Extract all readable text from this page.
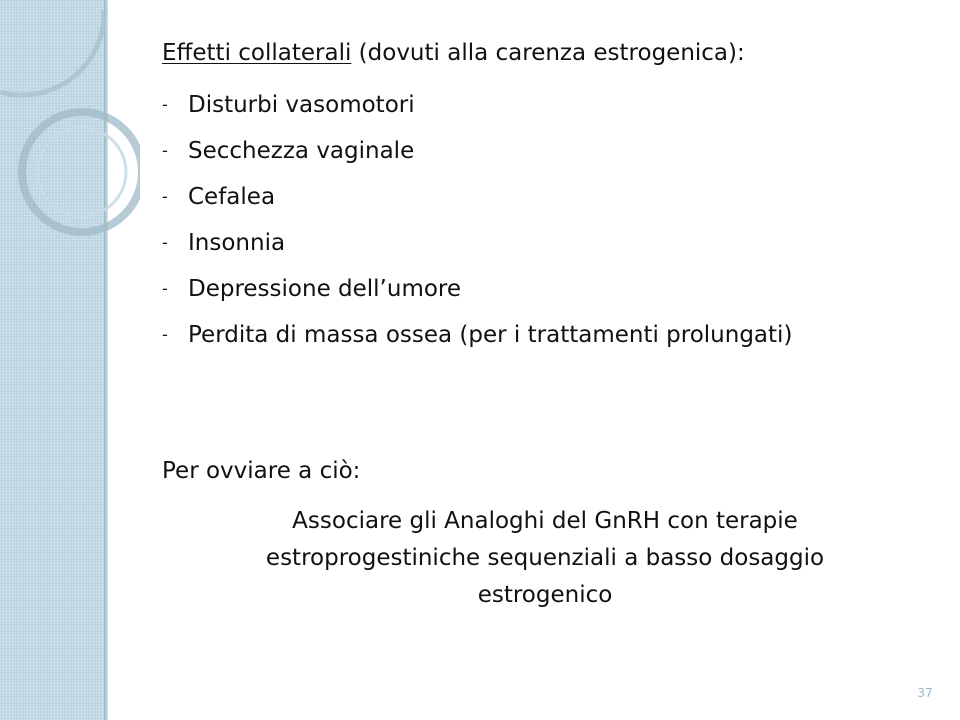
Effetti collaterali (dovuti alla carenza estrogenica):
- Disturbi vasomotori
- Secchezza vaginale
- Cefalea
- Insonnia
- Depressione dell’umore
- Perdita di massa ossea (per i trattamenti prolungati)
Per ovviare a ciò:
Associare gli Analoghi del GnRH con terapie estroprogestiniche sequenziali a basso dosaggio estrogenico
37
